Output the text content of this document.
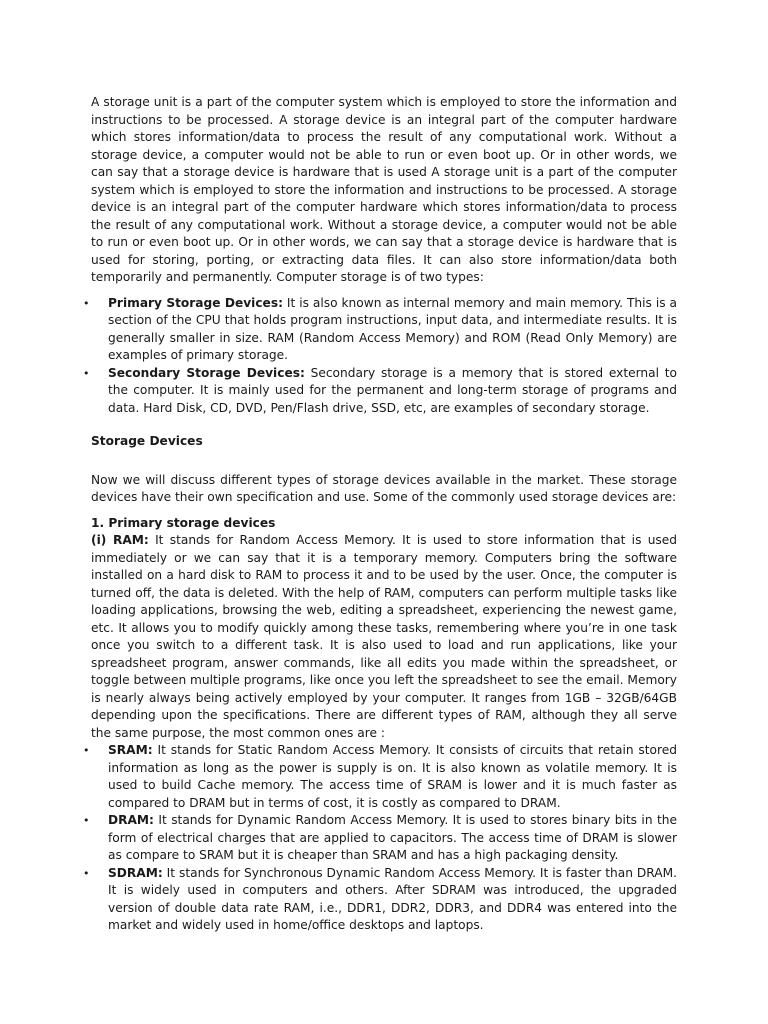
A storage unit is a part of the computer system which is employed to store the information and instructions to be processed. A storage device is an integral part of the computer hardware which stores information/data to process the result of any computational work. Without a storage device, a computer would not be able to run or even boot up. Or in other words, we can say that a storage device is hardware that is used A storage unit is a part of the computer system which is employed to store the information and instructions to be processed. A storage device is an integral part of the computer hardware which stores information/data to process the result of any computational work. Without a storage device, a computer would not be able to run or even boot up. Or in other words, we can say that a storage device is hardware that is used for storing, porting, or extracting data files. It can also store information/data both temporarily and permanently. Computer storage is of two types:

• Primary Storage Devices: It is also known as internal memory and main memory. This is a section of the CPU that holds program instructions, input data, and intermediate results. It is generally smaller in size. RAM (Random Access Memory) and ROM (Read Only Memory) are examples of primary storage.
• Secondary Storage Devices: Secondary storage is a memory that is stored external to the computer. It is mainly used for the permanent and long-term storage of programs and data. Hard Disk, CD, DVD, Pen/Flash drive, SSD, etc, are examples of secondary storage.

Storage Devices

Now we will discuss different types of storage devices available in the market. These storage devices have their own specification and use. Some of the commonly used storage devices are:

1. Primary storage devices

(i) RAM: It stands for Random Access Memory. It is used to store information that is used immediately or we can say that it is a temporary memory. Computers bring the software installed on a hard disk to RAM to process it and to be used by the user. Once, the computer is turned off, the data is deleted. With the help of RAM, computers can perform multiple tasks like loading applications, browsing the web, editing a spreadsheet, experiencing the newest game, etc. It allows you to modify quickly among these tasks, remembering where you’re in one task once you switch to a different task. It is also used to load and run applications, like your spreadsheet program, answer commands, like all edits you made within the spreadsheet, or toggle between multiple programs, like once you left the spreadsheet to see the email. Memory is nearly always being actively employed by your computer. It ranges from 1GB – 32GB/64GB depending upon the specifications. There are different types of RAM, although they all serve the same purpose, the most common ones are :

• SRAM: It stands for Static Random Access Memory. It consists of circuits that retain stored information as long as the power is supply is on. It is also known as volatile memory. It is used to build Cache memory. The access time of SRAM is lower and it is much faster as compared to DRAM but in terms of cost, it is costly as compared to DRAM.
• DRAM: It stands for Dynamic Random Access Memory. It is used to stores binary bits in the form of electrical charges that are applied to capacitors. The access time of DRAM is slower as compare to SRAM but it is cheaper than SRAM and has a high packaging density.
• SDRAM: It stands for Synchronous Dynamic Random Access Memory. It is faster than DRAM. It is widely used in computers and others. After SDRAM was introduced, the upgraded version of double data rate RAM, i.e., DDR1, DDR2, DDR3, and DDR4 was entered into the market and widely used in home/office desktops and laptops.
